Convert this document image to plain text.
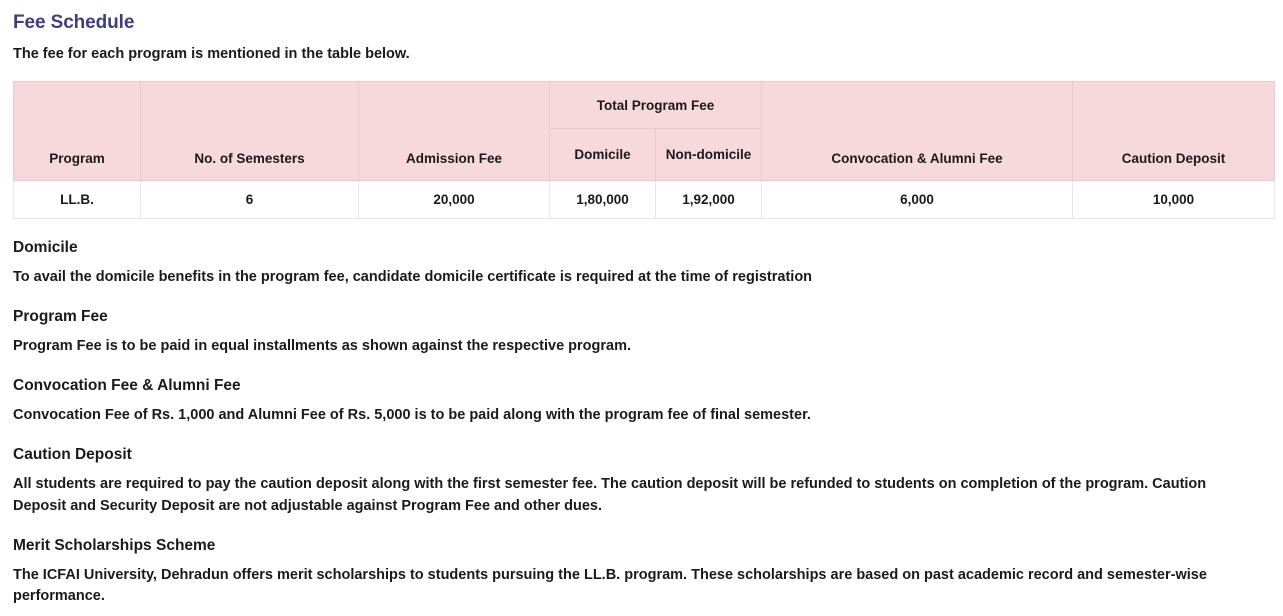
Fee Schedule

The fee for each program is mentioned in the table below.

Program	No. of Semesters	Admission Fee	Total Program Fee		Convocation & Alumni Fee	Caution Deposit
			Domicile	Non-domicile		
LL.B.	6	20,000	1,80,000	1,92,000	6,000	10,000
Domicile

To avail the domicile benefits in the program fee, candidate domicile certificate is required at the time of registration

Program Fee

Program Fee is to be paid in equal installments as shown against the respective program.

Convocation Fee & Alumni Fee

Convocation Fee of Rs. 1,000 and Alumni Fee of Rs. 5,000 is to be paid along with the program fee of final semester.

Caution Deposit

All students are required to pay the caution deposit along with the first semester fee. The caution deposit will be refunded to students on completion of the program. Caution Deposit and Security Deposit are not adjustable against Program Fee and other dues.

Merit Scholarships Scheme

The ICFAI University, Dehradun offers merit scholarships to students pursuing the LL.B. program. These scholarships are based on past academic record and semester-wise performance.
